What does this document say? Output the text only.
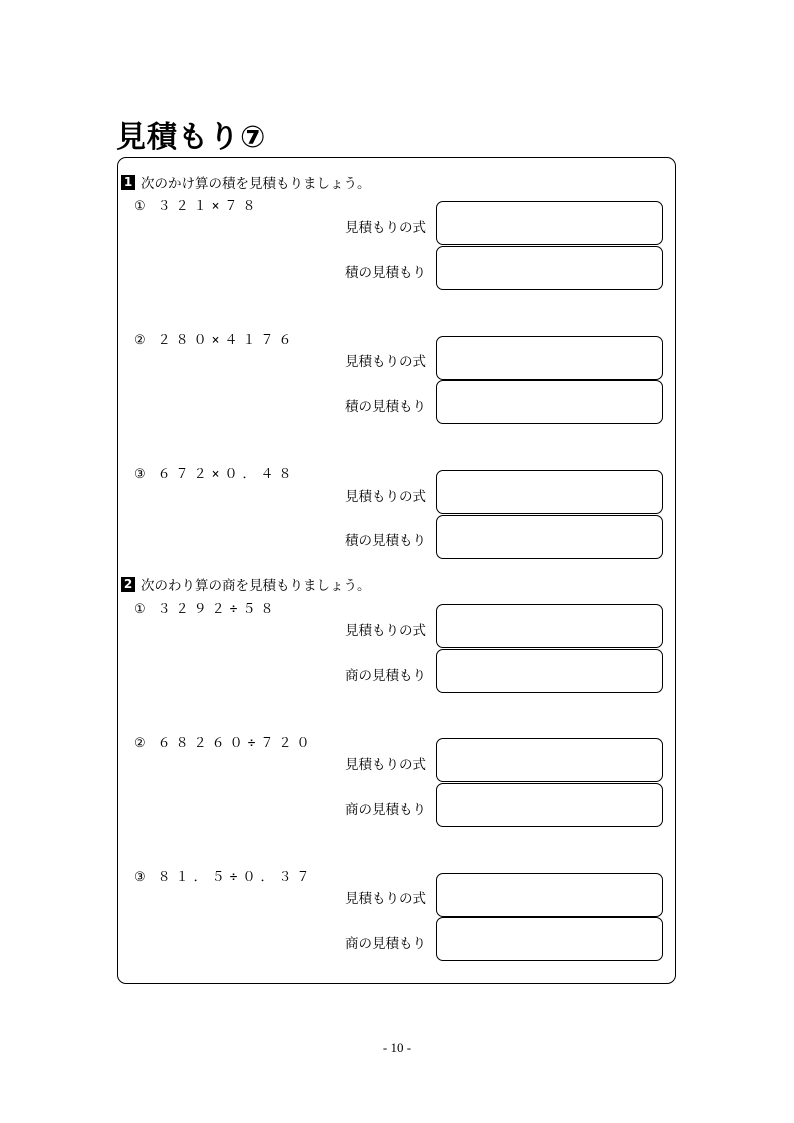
見積もり⑦
1 次のかけ算の積を見積もりましょう。
① ３２１×７８
見積もりの式
積の見積もり
② ２８０×４１７６
見積もりの式
積の見積もり
③ ６７２×０．４８
見積もりの式
積の見積もり
2 次のわり算の商を見積もりましょう。
① ３２９２÷５８
見積もりの式
商の見積もり
② ６８２６０÷７２０
見積もりの式
商の見積もり
③ ８１．５÷０．３７
見積もりの式
商の見積もり
- 10 -
